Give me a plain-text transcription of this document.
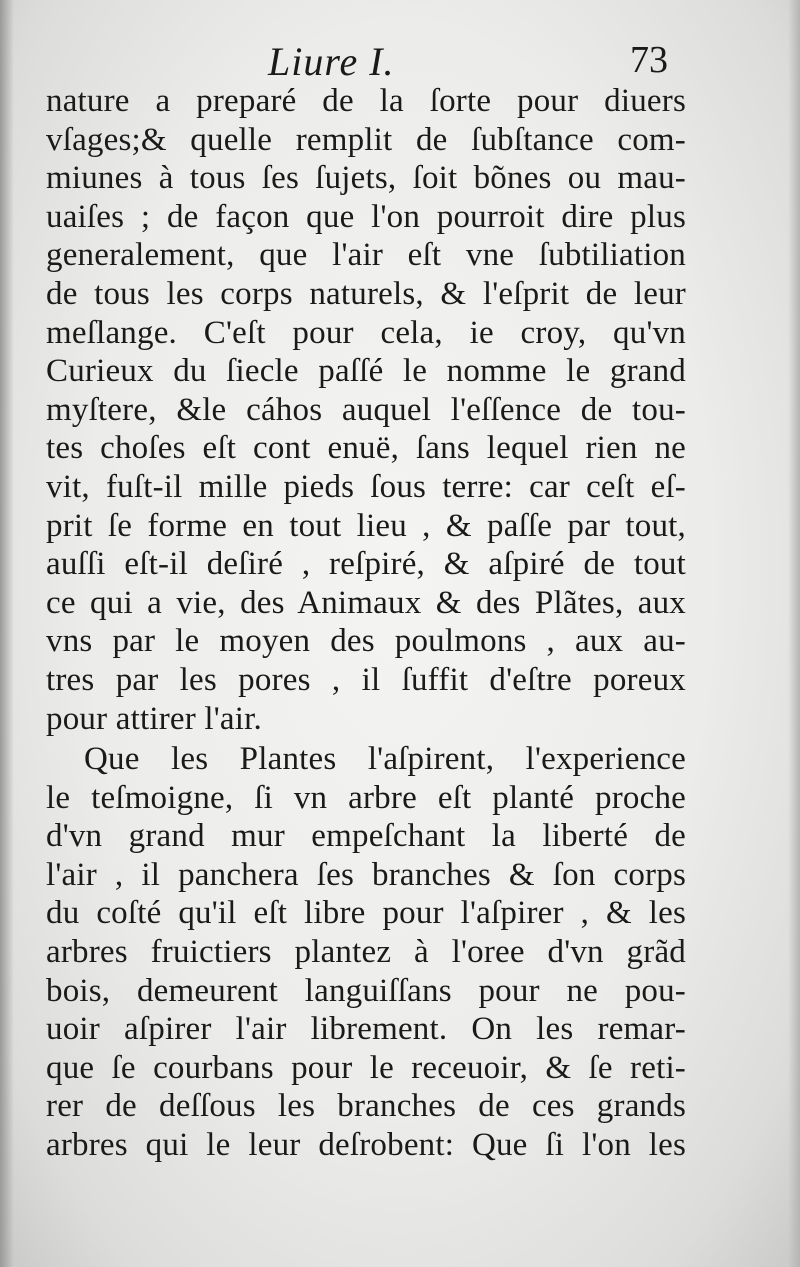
Liure I.	73
nature a preparé de la ſorte pour diuers
vſages;& quelle remplit de ſubſtance com-
miunes à tous ſes ſujets, ſoit bõnes ou mau-
uaiſes ; de façon que l'on pourroit dire plus
generalement, que l'air eſt vne ſubtiliation
de tous les corps naturels, & l'eſprit de leur
meſlange. C'eſt pour cela, ie croy, qu'vn
Curieux du ſiecle paſſé le nomme le grand
myſtere, &le cáhos auquel l'eſſence de tou-
tes choſes eſt cont enuë, ſans lequel rien ne
vit, fuſt-il mille pieds ſous terre: car ceſt eſ-
prit ſe forme en tout lieu , & paſſe par tout,
auſſi eſt-il deſiré , reſpiré, & aſpiré de tout
ce qui a vie, des Animaux & des Plãtes, aux
vns par le moyen des poulmons , aux au-
tres par les pores , il ſuffit d'eſtre poreux
pour attirer l'air.
Que les Plantes l'aſpirent, l'experience
le teſmoigne, ſi vn arbre eſt planté proche
d'vn grand mur empeſchant la liberté de
l'air , il panchera ſes branches & ſon corps
du coſté qu'il eſt libre pour l'aſpirer , & les
arbres fruictiers plantez à l'oree d'vn grãd
bois, demeurent languiſſans pour ne pou-
uoir aſpirer l'air librement. On les remar-
que ſe courbans pour le receuoir, & ſe reti-
rer de deſſous les branches de ces grands
arbres qui le leur deſrobent: Que ſi l'on les
